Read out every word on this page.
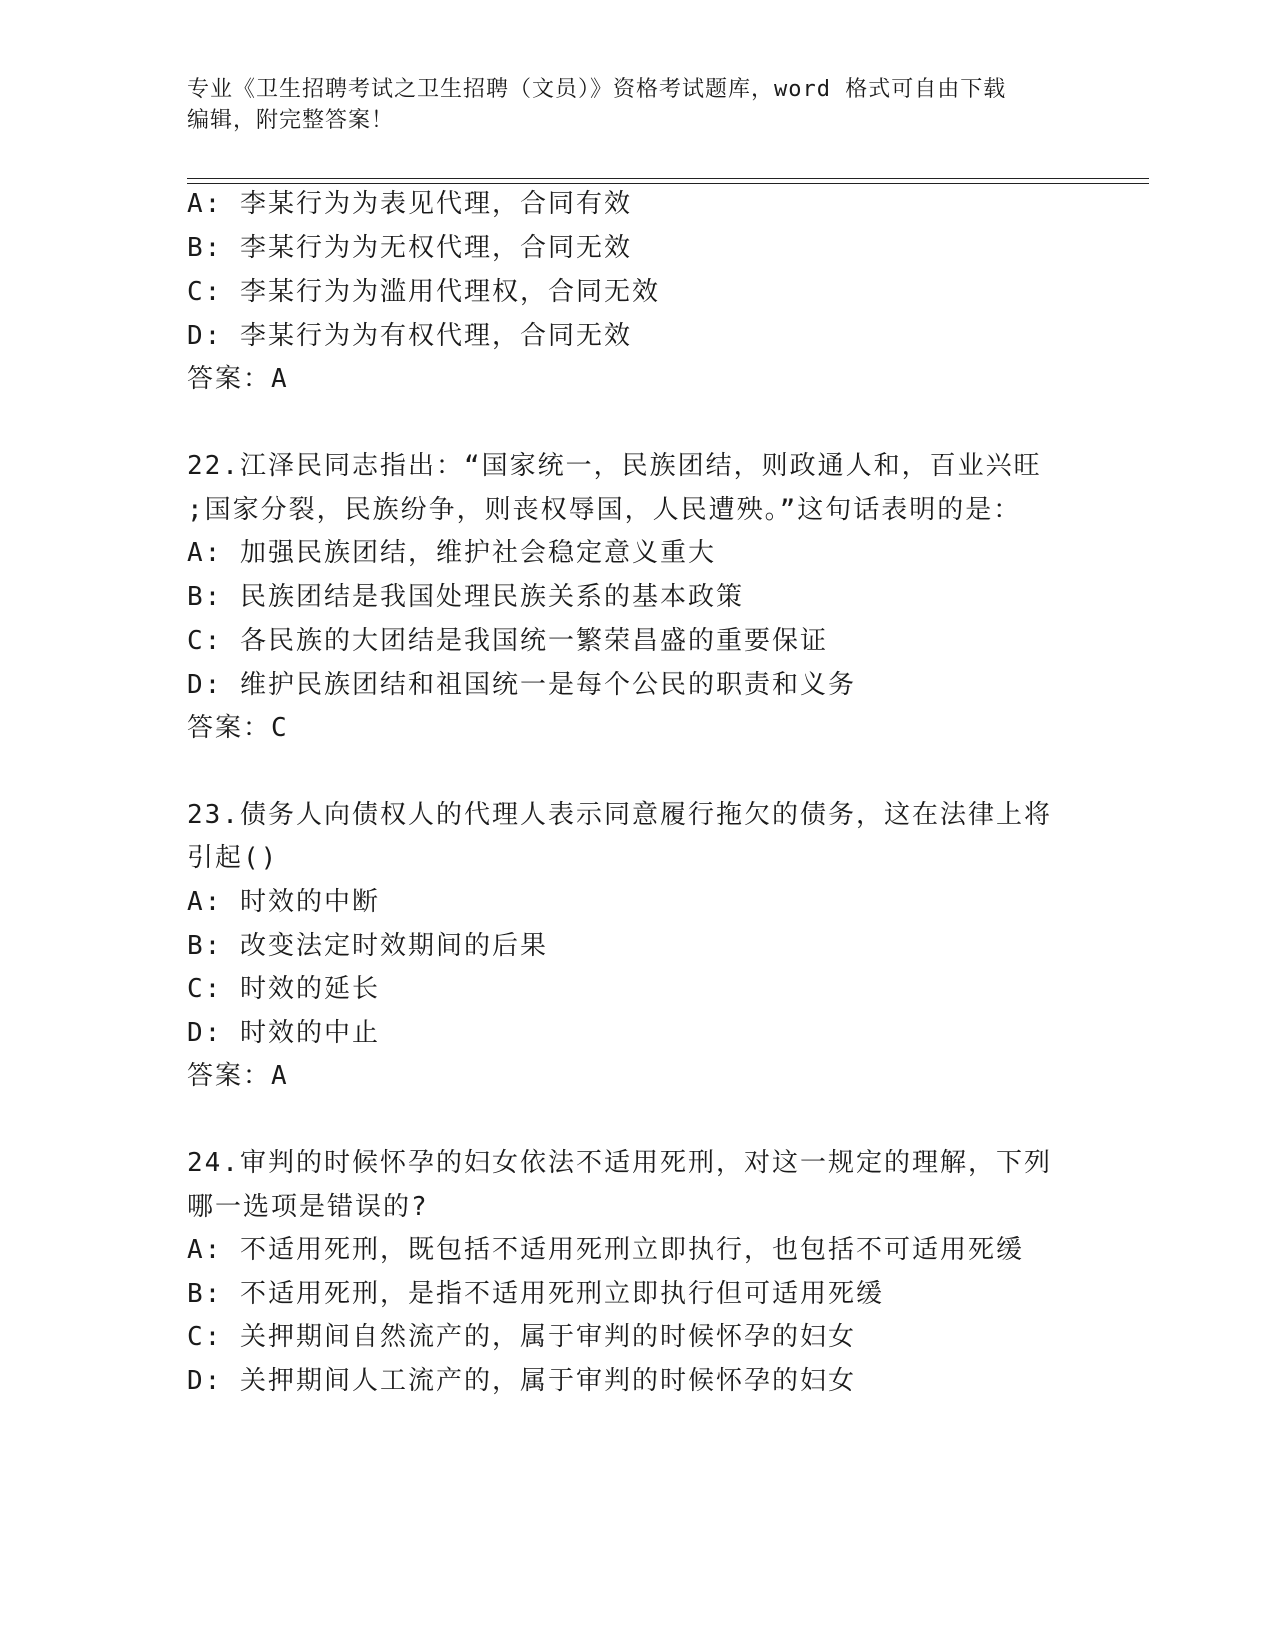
专业《卫生招聘考试之卫生招聘（文员）》资格考试题库，word 格式可自由下载
编辑，附完整答案！
A: 李某行为为表见代理，合同有效
B: 李某行为为无权代理，合同无效
C: 李某行为为滥用代理权，合同无效
D: 李某行为为有权代理，合同无效
答案：A
22.江泽民同志指出：“国家统一，民族团结，则政通人和，百业兴旺
;国家分裂，民族纷争，则丧权辱国，人民遭殃。”这句话表明的是：
A: 加强民族团结，维护社会稳定意义重大
B: 民族团结是我国处理民族关系的基本政策
C: 各民族的大团结是我国统一繁荣昌盛的重要保证
D: 维护民族团结和祖国统一是每个公民的职责和义务
答案：C
23.债务人向债权人的代理人表示同意履行拖欠的债务，这在法律上将
引起()
A: 时效的中断
B: 改变法定时效期间的后果
C: 时效的延长
D: 时效的中止
答案：A
24.审判的时候怀孕的妇女依法不适用死刑，对这一规定的理解，下列
哪一选项是错误的?
A: 不适用死刑，既包括不适用死刑立即执行，也包括不可适用死缓
B: 不适用死刑，是指不适用死刑立即执行但可适用死缓
C: 关押期间自然流产的，属于审判的时候怀孕的妇女
D: 关押期间人工流产的，属于审判的时候怀孕的妇女
